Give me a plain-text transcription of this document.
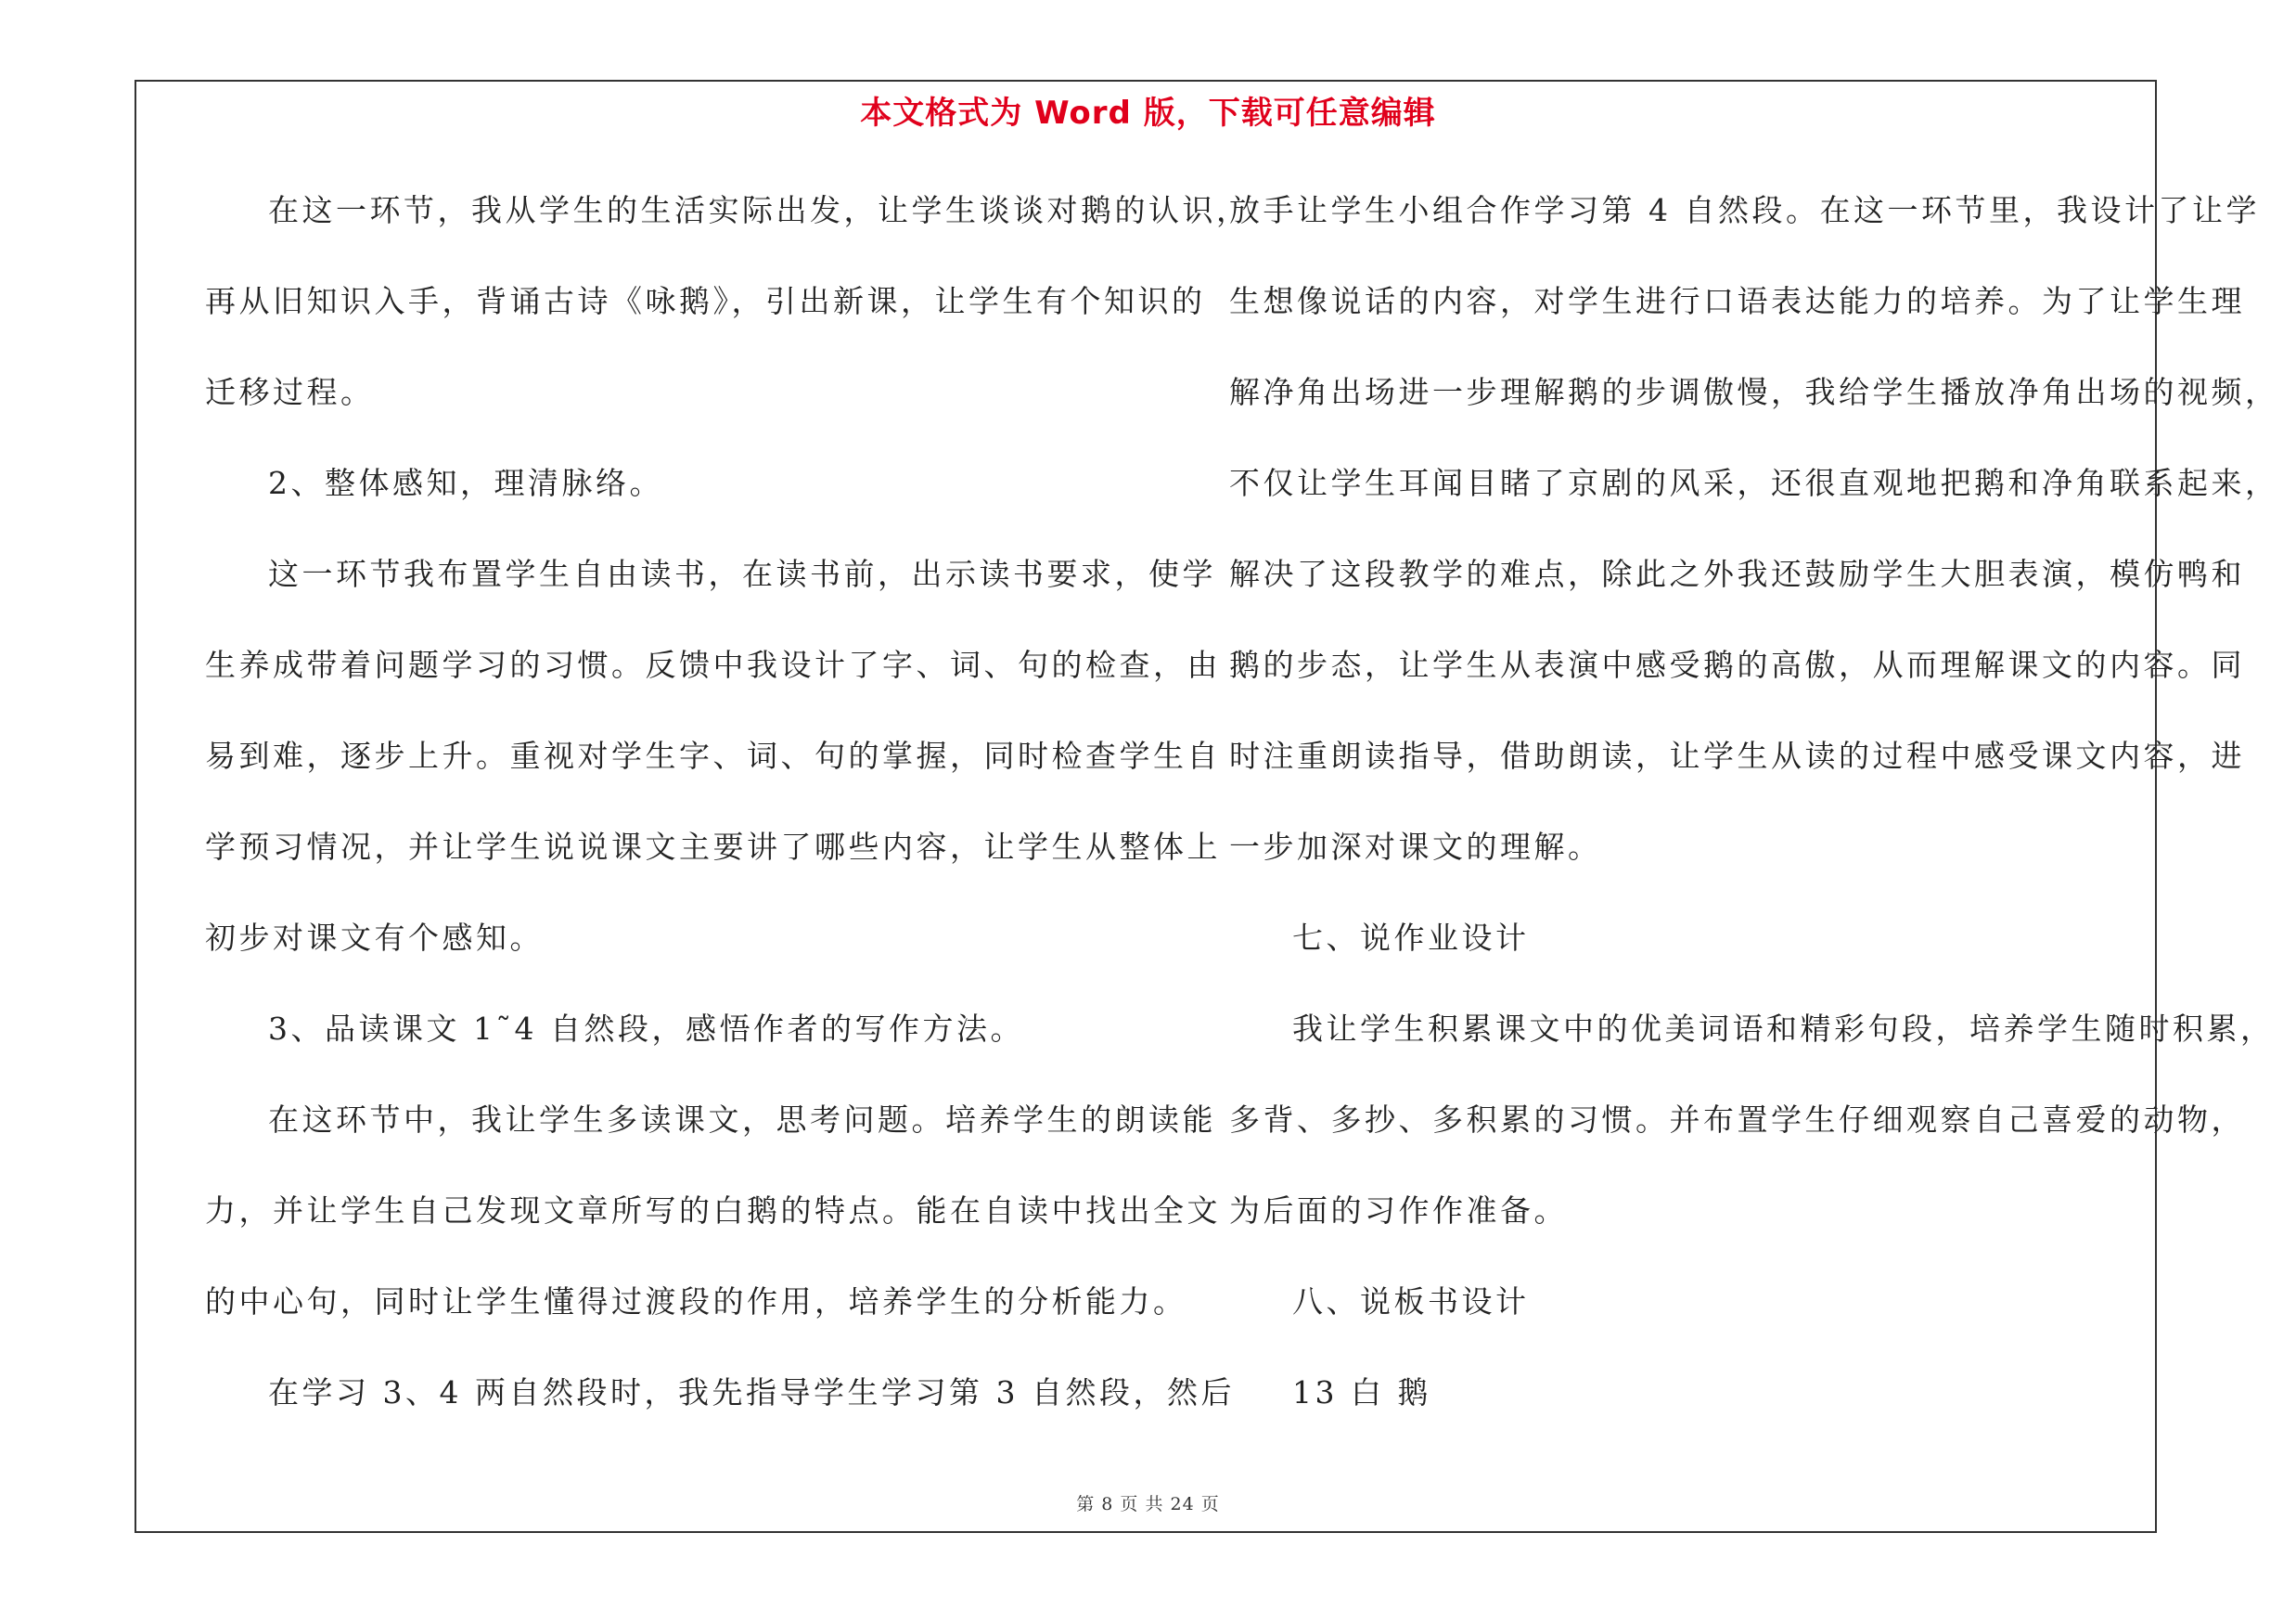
本文格式为 Word 版，下载可任意编辑
在这一环节，我从学生的生活实际出发，让学生谈谈对鹅的认识，
再从旧知识入手，背诵古诗《咏鹅》，引出新课，让学生有个知识的
迁移过程。
2、整体感知，理清脉络。
这一环节我布置学生自由读书，在读书前，出示读书要求，使学
生养成带着问题学习的习惯。反馈中我设计了字、词、句的检查，由
易到难，逐步上升。重视对学生字、词、句的掌握，同时检查学生自
学预习情况，并让学生说说课文主要讲了哪些内容，让学生从整体上
初步对课文有个感知。
3、品读课文 1˜4 自然段，感悟作者的写作方法。
在这环节中，我让学生多读课文，思考问题。培养学生的朗读能
力，并让学生自己发现文章所写的白鹅的特点。能在自读中找出全文
的中心句，同时让学生懂得过渡段的作用，培养学生的分析能力。
在学习 3、4 两自然段时，我先指导学生学习第 3 自然段，然后
放手让学生小组合作学习第 4 自然段。在这一环节里，我设计了让学
生想像说话的内容，对学生进行口语表达能力的培养。为了让学生理
解净角出场进一步理解鹅的步调傲慢，我给学生播放净角出场的视频，
不仅让学生耳闻目睹了京剧的风采，还很直观地把鹅和净角联系起来，
解决了这段教学的难点，除此之外我还鼓励学生大胆表演，模仿鸭和
鹅的步态，让学生从表演中感受鹅的高傲，从而理解课文的内容。同
时注重朗读指导，借助朗读，让学生从读的过程中感受课文内容，进
一步加深对课文的理解。
七、说作业设计
我让学生积累课文中的优美词语和精彩句段，培养学生随时积累，
多背、多抄、多积累的习惯。并布置学生仔细观察自己喜爱的动物，
为后面的习作作准备。
八、说板书设计
13 白 鹅
第 8 页 共 24 页
